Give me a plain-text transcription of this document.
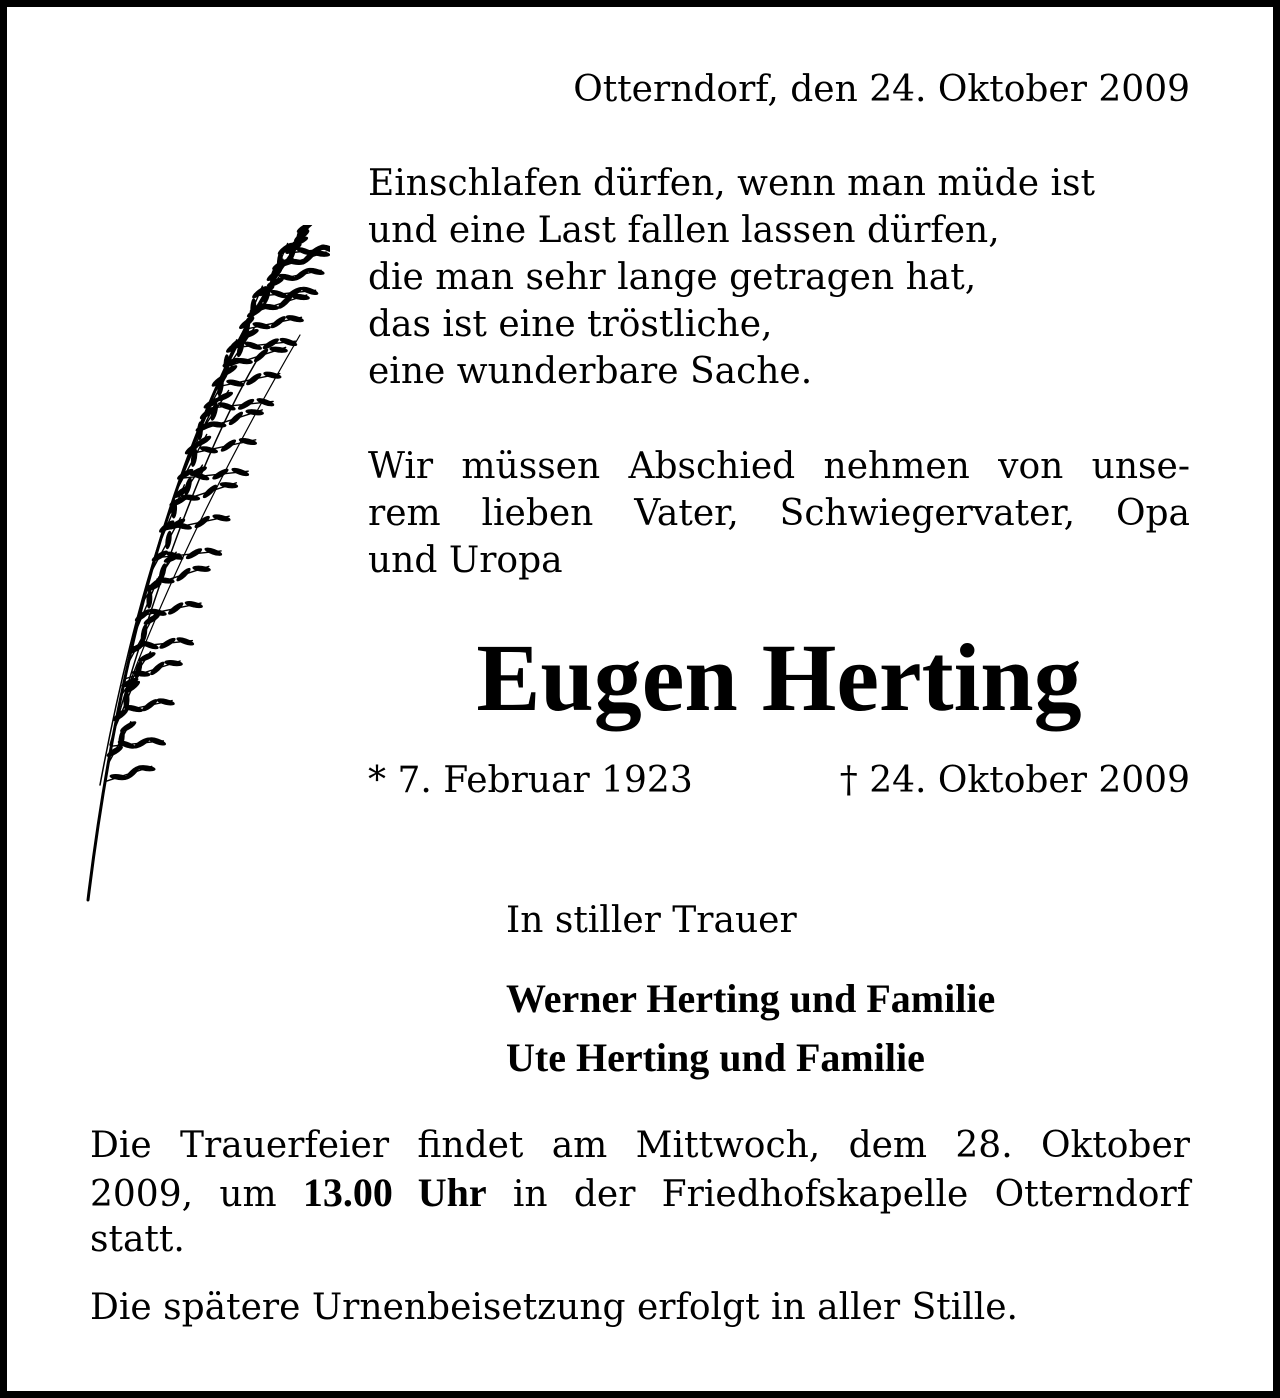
Otterndorf, den 24. Oktober 2009
Einschlafen dürfen, wenn man müde ist
und eine Last fallen lassen dürfen,
die man sehr lange getragen hat,
das ist eine tröstliche,
eine wunderbare Sache.
Wir müssen Abschied nehmen von unse-
rem lieben Vater, Schwiegervater, Opa
und Uropa
Eugen Herting
* 7. Februar 1923	† 24. Oktober 2009
In stiller Trauer
Werner Herting und Familie
Ute Herting und Familie
Die Trauerfeier findet am Mittwoch, dem 28. Oktober
2009, um 13.00 Uhr in der Friedhofskapelle Otterndorf
statt.
Die spätere Urnenbeisetzung erfolgt in aller Stille.
